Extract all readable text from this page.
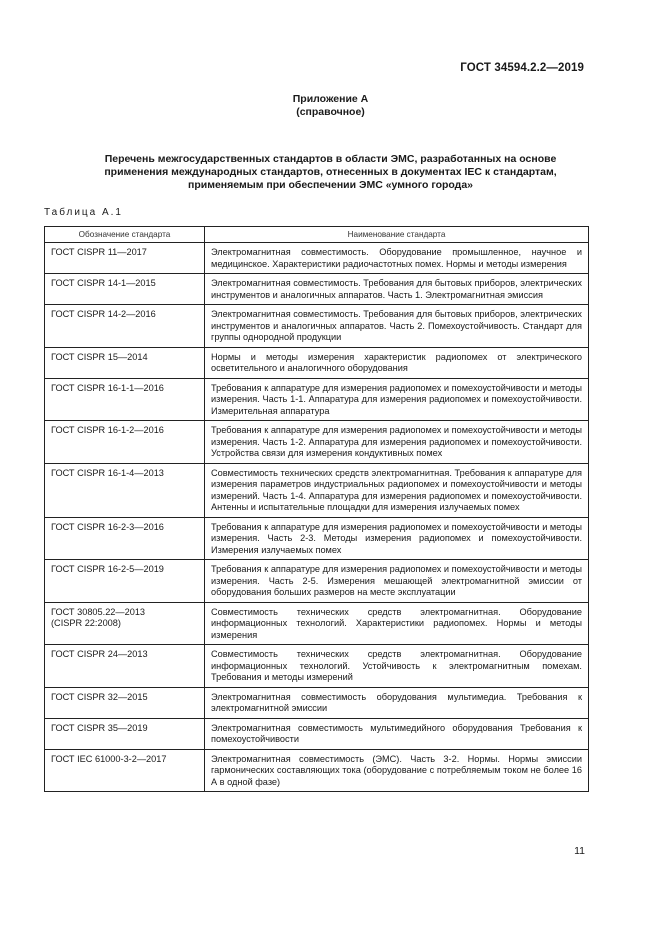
ГОСТ 34594.2.2—2019
Приложение А
(справочное)
Перечень межгосударственных стандартов в области ЭМС, разработанных на основе
применения международных стандартов, отнесенных в документах IEC к стандартам,
применяемым при обеспечении ЭМС «умного города»
Таблица А.1
Обозначение стандарта	Наименование стандарта

ГОСТ CISPR 11—2017	Электромагнитная совместимость. Оборудование промышленное, научное и медицинское. Характеристики радиочастотных помех. Нормы и методы измерения

ГОСТ CISPR 14-1—2015	Электромагнитная совместимость. Требования для бытовых приборов, электрических инструментов и аналогичных аппаратов. Часть 1. Электромагнитная эмиссия

ГОСТ CISPR 14-2—2016	Электромагнитная совместимость. Требования для бытовых приборов, электрических инструментов и аналогичных аппаратов. Часть 2. Помехоустойчивость. Стандарт для группы однородной продукции

ГОСТ CISPR 15—2014	Нормы и методы измерения характеристик радиопомех от электрического осветительного и аналогичного оборудования

ГОСТ CISPR 16-1-1—2016	Требования к аппаратуре для измерения радиопомех и помехоустойчивости и методы измерения. Часть 1-1. Аппаратура для измерения радиопомех и помехоустойчивости. Измерительная аппаратура

ГОСТ CISPR 16-1-2—2016	Требования к аппаратуре для измерения радиопомех и помехоустойчивости и методы измерения. Часть 1-2. Аппаратура для измерения радиопомех и помехоустойчивости. Устройства связи для измерения кондуктивных помех

ГОСТ CISPR 16-1-4—2013	Совместимость технических средств электромагнитная. Требования к аппаратуре для измерения параметров индустриальных радиопомех и помехоустойчивости и методы измерений. Часть 1-4. Аппаратура для измерения радиопомех и помехоустойчивости. Антенны и испытательные площадки для измерения излучаемых помех

ГОСТ CISPR 16-2-3—2016	Требования к аппаратуре для измерения радиопомех и помехоустойчивости и методы измерения. Часть 2-3. Методы измерения радиопомех и помехоустойчивости. Измерения излучаемых помех

ГОСТ CISPR 16-2-5—2019	Требования к аппаратуре для измерения радиопомех и помехоустойчивости и методы измерения. Часть 2-5. Измерения мешающей электромагнитной эмиссии от оборудования больших размеров на месте эксплуатации

ГОСТ 30805.22—2013
(CISPR 22:2008)	Совместимость технических средств электромагнитная. Оборудование информационных технологий. Характеристики радиопомех. Нормы и методы измерения

ГОСТ CISPR 24—2013	Совместимость технических средств электромагнитная. Оборудование информационных технологий. Устойчивость к электромагнитным помехам. Требования и методы измерений

ГОСТ CISPR 32—2015	Электромагнитная совместимость оборудования мультимедиа. Требования к электромагнитной эмиссии

ГОСТ CISPR 35—2019	Электромагнитная совместимость мультимедийного оборудования Требования к помехоустойчивости

ГОСТ IEC 61000-3-2—2017	Электромагнитная совместимость (ЭМС). Часть 3-2. Нормы. Нормы эмиссии гармонических составляющих тока (оборудование с потребляемым током не более 16 А в одной фазе)
11
